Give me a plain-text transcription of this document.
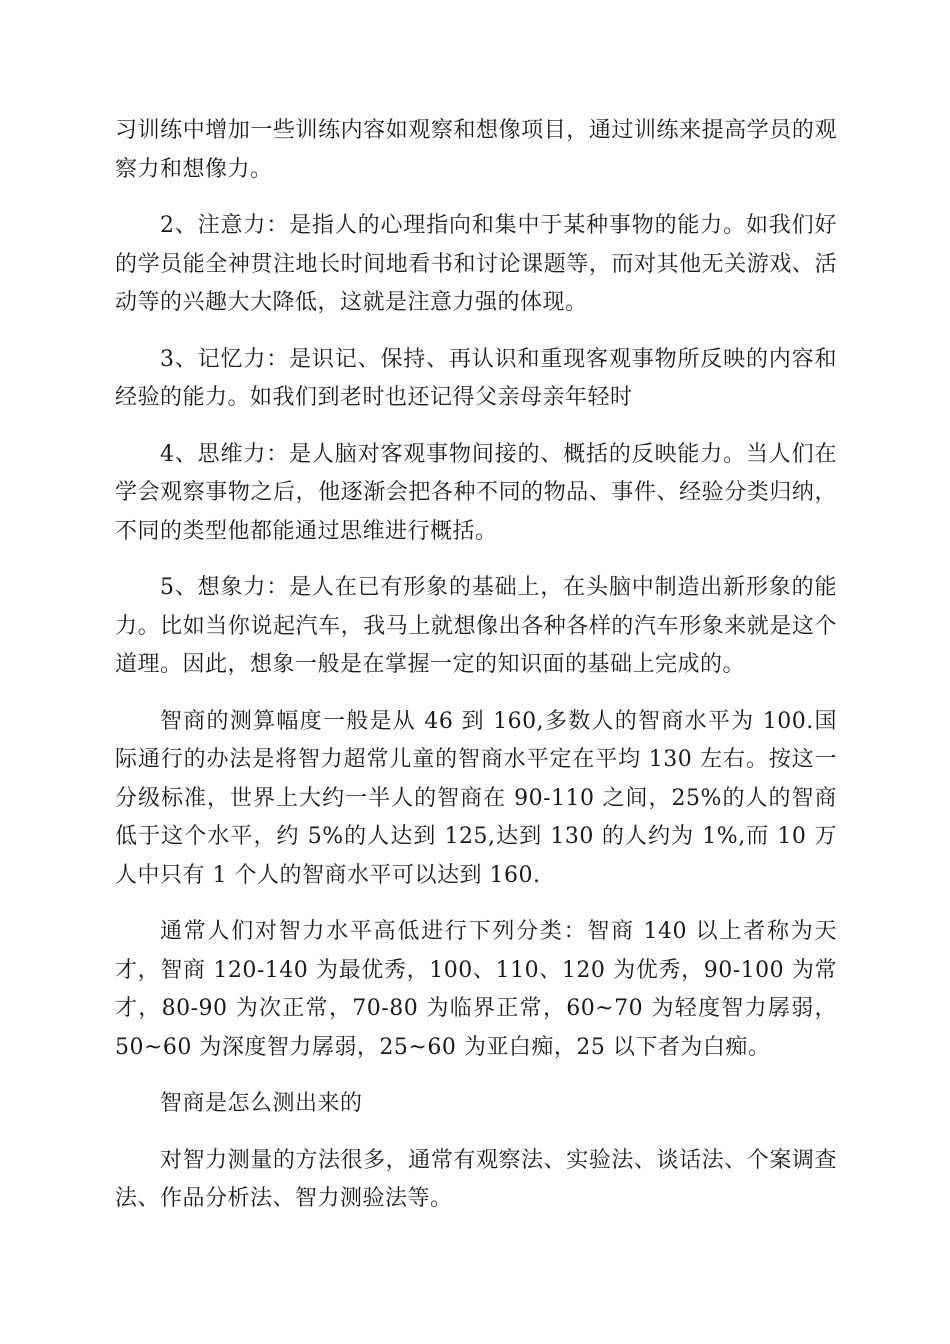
习训练中增加一些训练内容如观察和想像项目，通过训练来提高学员的观察力和想像力。

2、注意力：是指人的心理指向和集中于某种事物的能力。如我们好的学员能全神贯注地长时间地看书和讨论课题等，而对其他无关游戏、活动等的兴趣大大降低，这就是注意力强的体现。

3、记忆力：是识记、保持、再认识和重现客观事物所反映的内容和经验的能力。如我们到老时也还记得父亲母亲年轻时

4、思维力：是人脑对客观事物间接的、概括的反映能力。当人们在学会观察事物之后，他逐渐会把各种不同的物品、事件、经验分类归纳，不同的类型他都能通过思维进行概括。

5、想象力：是人在已有形象的基础上，在头脑中制造出新形象的能力。比如当你说起汽车，我马上就想像出各种各样的汽车形象来就是这个道理。因此，想象一般是在掌握一定的知识面的基础上完成的。

智商的测算幅度一般是从 46 到 160,多数人的智商水平为 100.国际通行的办法是将智力超常儿童的智商水平定在平均 130 左右。按这一分级标准，世界上大约一半人的智商在 90-110 之间，25%的人的智商低于这个水平，约 5%的人达到 125,达到 130 的人约为 1%,而 10 万人中只有 1 个人的智商水平可以达到 160.

通常人们对智力水平高低进行下列分类：智商 140 以上者称为天才，智商 120-140 为最优秀，100、110、120 为优秀，90-100 为常才，80-90 为次正常，70-80 为临界正常，60~70 为轻度智力孱弱，50~60 为深度智力孱弱，25~60 为亚白痴，25 以下者为白痴。

智商是怎么测出来的

对智力测量的方法很多，通常有观察法、实验法、谈话法、个案调查法、作品分析法、智力测验法等。
